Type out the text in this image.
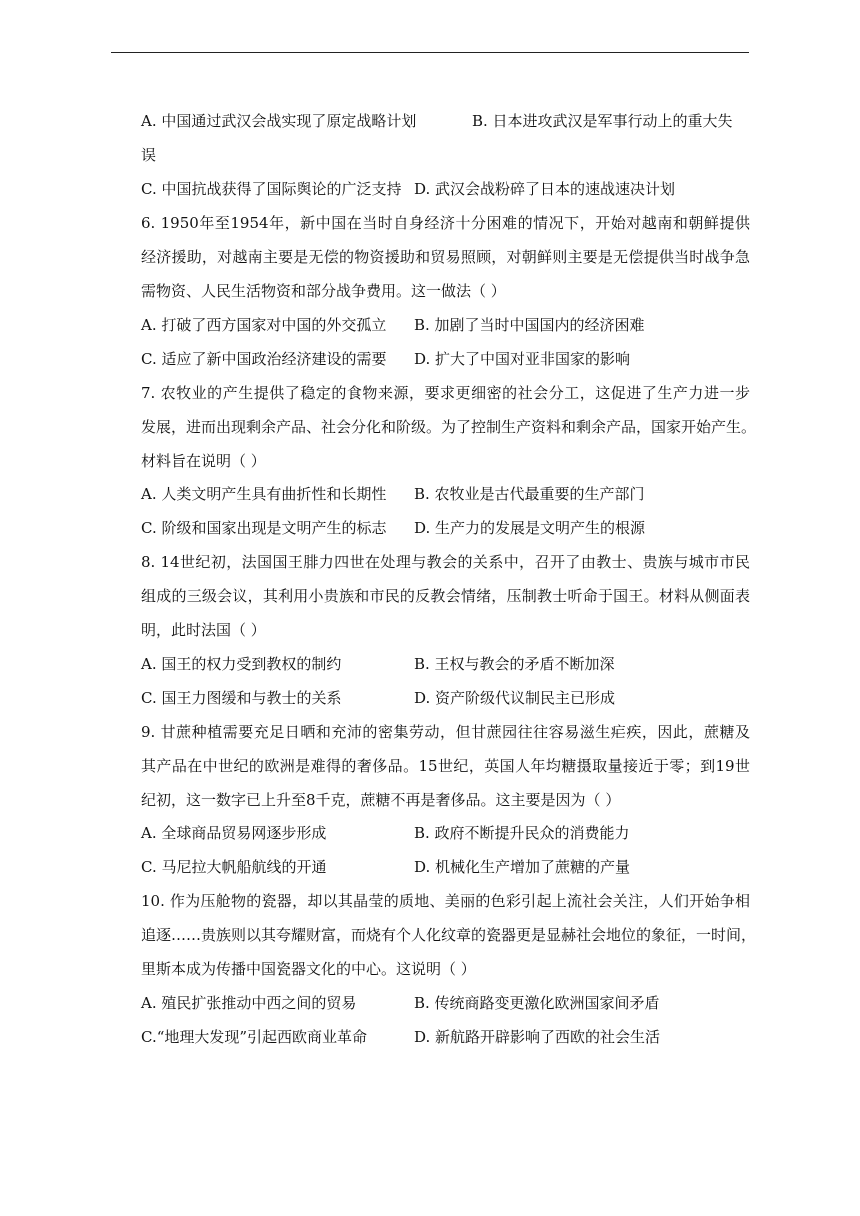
A. 中国通过武汉会战实现了原定战略计划	B. 日本进攻武汉是军事行动上的重大失
误
C. 中国抗战获得了国际舆论的广泛支持 D. 武汉会战粉碎了日本的速战速决计划
6. 1950年至1954年，新中国在当时自身经济十分困难的情况下，开始对越南和朝鲜提供
经济援助，对越南主要是无偿的物资援助和贸易照顾，对朝鲜则主要是无偿提供当时战争急
需物资、人民生活物资和部分战争费用。这一做法（ ）
A. 打破了西方国家对中国的外交孤立 B. 加剧了当时中国国内的经济困难
C. 适应了新中国政治经济建设的需要 D. 扩大了中国对亚非国家的影响
7. 农牧业的产生提供了稳定的食物来源，要求更细密的社会分工，这促进了生产力进一步
发展，进而出现剩余产品、社会分化和阶级。为了控制生产资料和剩余产品，国家开始产生。
材料旨在说明（ ）
A. 人类文明产生具有曲折性和长期性 B. 农牧业是古代最重要的生产部门
C. 阶级和国家出现是文明产生的标志 D. 生产力的发展是文明产生的根源
8. 14世纪初，法国国王腓力四世在处理与教会的关系中，召开了由教士、贵族与城市市民
组成的三级会议，其利用小贵族和市民的反教会情绪，压制教士听命于国王。材料从侧面表
明，此时法国（ ）
A. 国王的权力受到教权的制约	B. 王权与教会的矛盾不断加深
C. 国王力图缓和与教士的关系	D. 资产阶级代议制民主已形成
9. 甘蔗种植需要充足日晒和充沛的密集劳动，但甘蔗园往往容易滋生疟疾，因此，蔗糖及
其产品在中世纪的欧洲是难得的奢侈品。15世纪，英国人年均糖摄取量接近于零；到19世
纪初，这一数字已上升至8千克，蔗糖不再是奢侈品。这主要是因为（ ）
A. 全球商品贸易网逐步形成	B. 政府不断提升民众的消费能力
C. 马尼拉大帆船航线的开通	D. 机械化生产增加了蔗糖的产量
10. 作为压舱物的瓷器，却以其晶莹的质地、美丽的色彩引起上流社会关注，人们开始争相
追逐……贵族则以其夸耀财富，而烧有个人化纹章的瓷器更是显赫社会地位的象征，一时间，
里斯本成为传播中国瓷器文化的中心。这说明（ ）
A. 殖民扩张推动中西之间的贸易	B. 传统商路变更激化欧洲国家间矛盾
C.“地理大发现”引起西欧商业革命	D. 新航路开辟影响了西欧的社会生活
